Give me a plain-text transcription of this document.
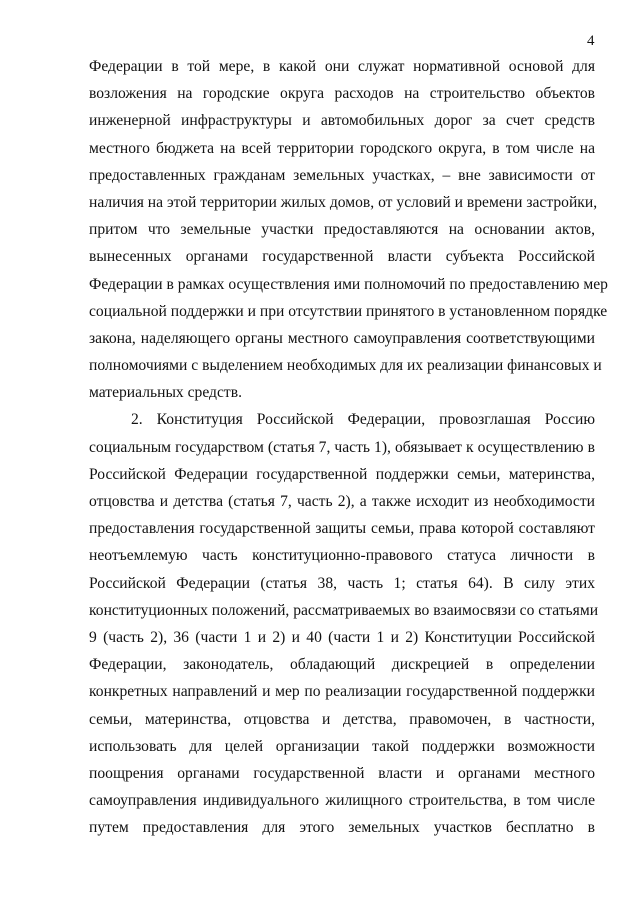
4

Федерации в той мере, в какой они служат нормативной основой для
возложения на городские округа расходов на строительство объектов
инженерной инфраструктуры и автомобильных дорог за счет средств
местного бюджета на всей территории городского округа, в том числе на
предоставленных гражданам земельных участках, – вне зависимости от
наличия на этой территории жилых домов, от условий и времени застройки,
притом что земельные участки предоставляются на основании актов,
вынесенных органами государственной власти субъекта Российской
Федерации в рамках осуществления ими полномочий по предоставлению мер
социальной поддержки и при отсутствии принятого в установленном порядке
закона, наделяющего органы местного самоуправления соответствующими
полномочиями с выделением необходимых для их реализации финансовых и
материальных средств.
2. Конституция Российской Федерации, провозглашая Россию
социальным государством (статья 7, часть 1), обязывает к осуществлению в
Российской Федерации государственной поддержки семьи, материнства,
отцовства и детства (статья 7, часть 2), а также исходит из необходимости
предоставления государственной защиты семьи, права которой составляют
неотъемлемую часть конституционно-правового статуса личности в
Российской Федерации (статья 38, часть 1; статья 64). В силу этих
конституционных положений, рассматриваемых во взаимосвязи со статьями
9 (часть 2), 36 (части 1 и 2) и 40 (части 1 и 2) Конституции Российской
Федерации, законодатель, обладающий дискрецией в определении
конкретных направлений и мер по реализации государственной поддержки
семьи, материнства, отцовства и детства, правомочен, в частности,
использовать для целей организации такой поддержки возможности
поощрения органами государственной власти и органами местного
самоуправления индивидуального жилищного строительства, в том числе
путем предоставления для этого земельных участков бесплатно в
